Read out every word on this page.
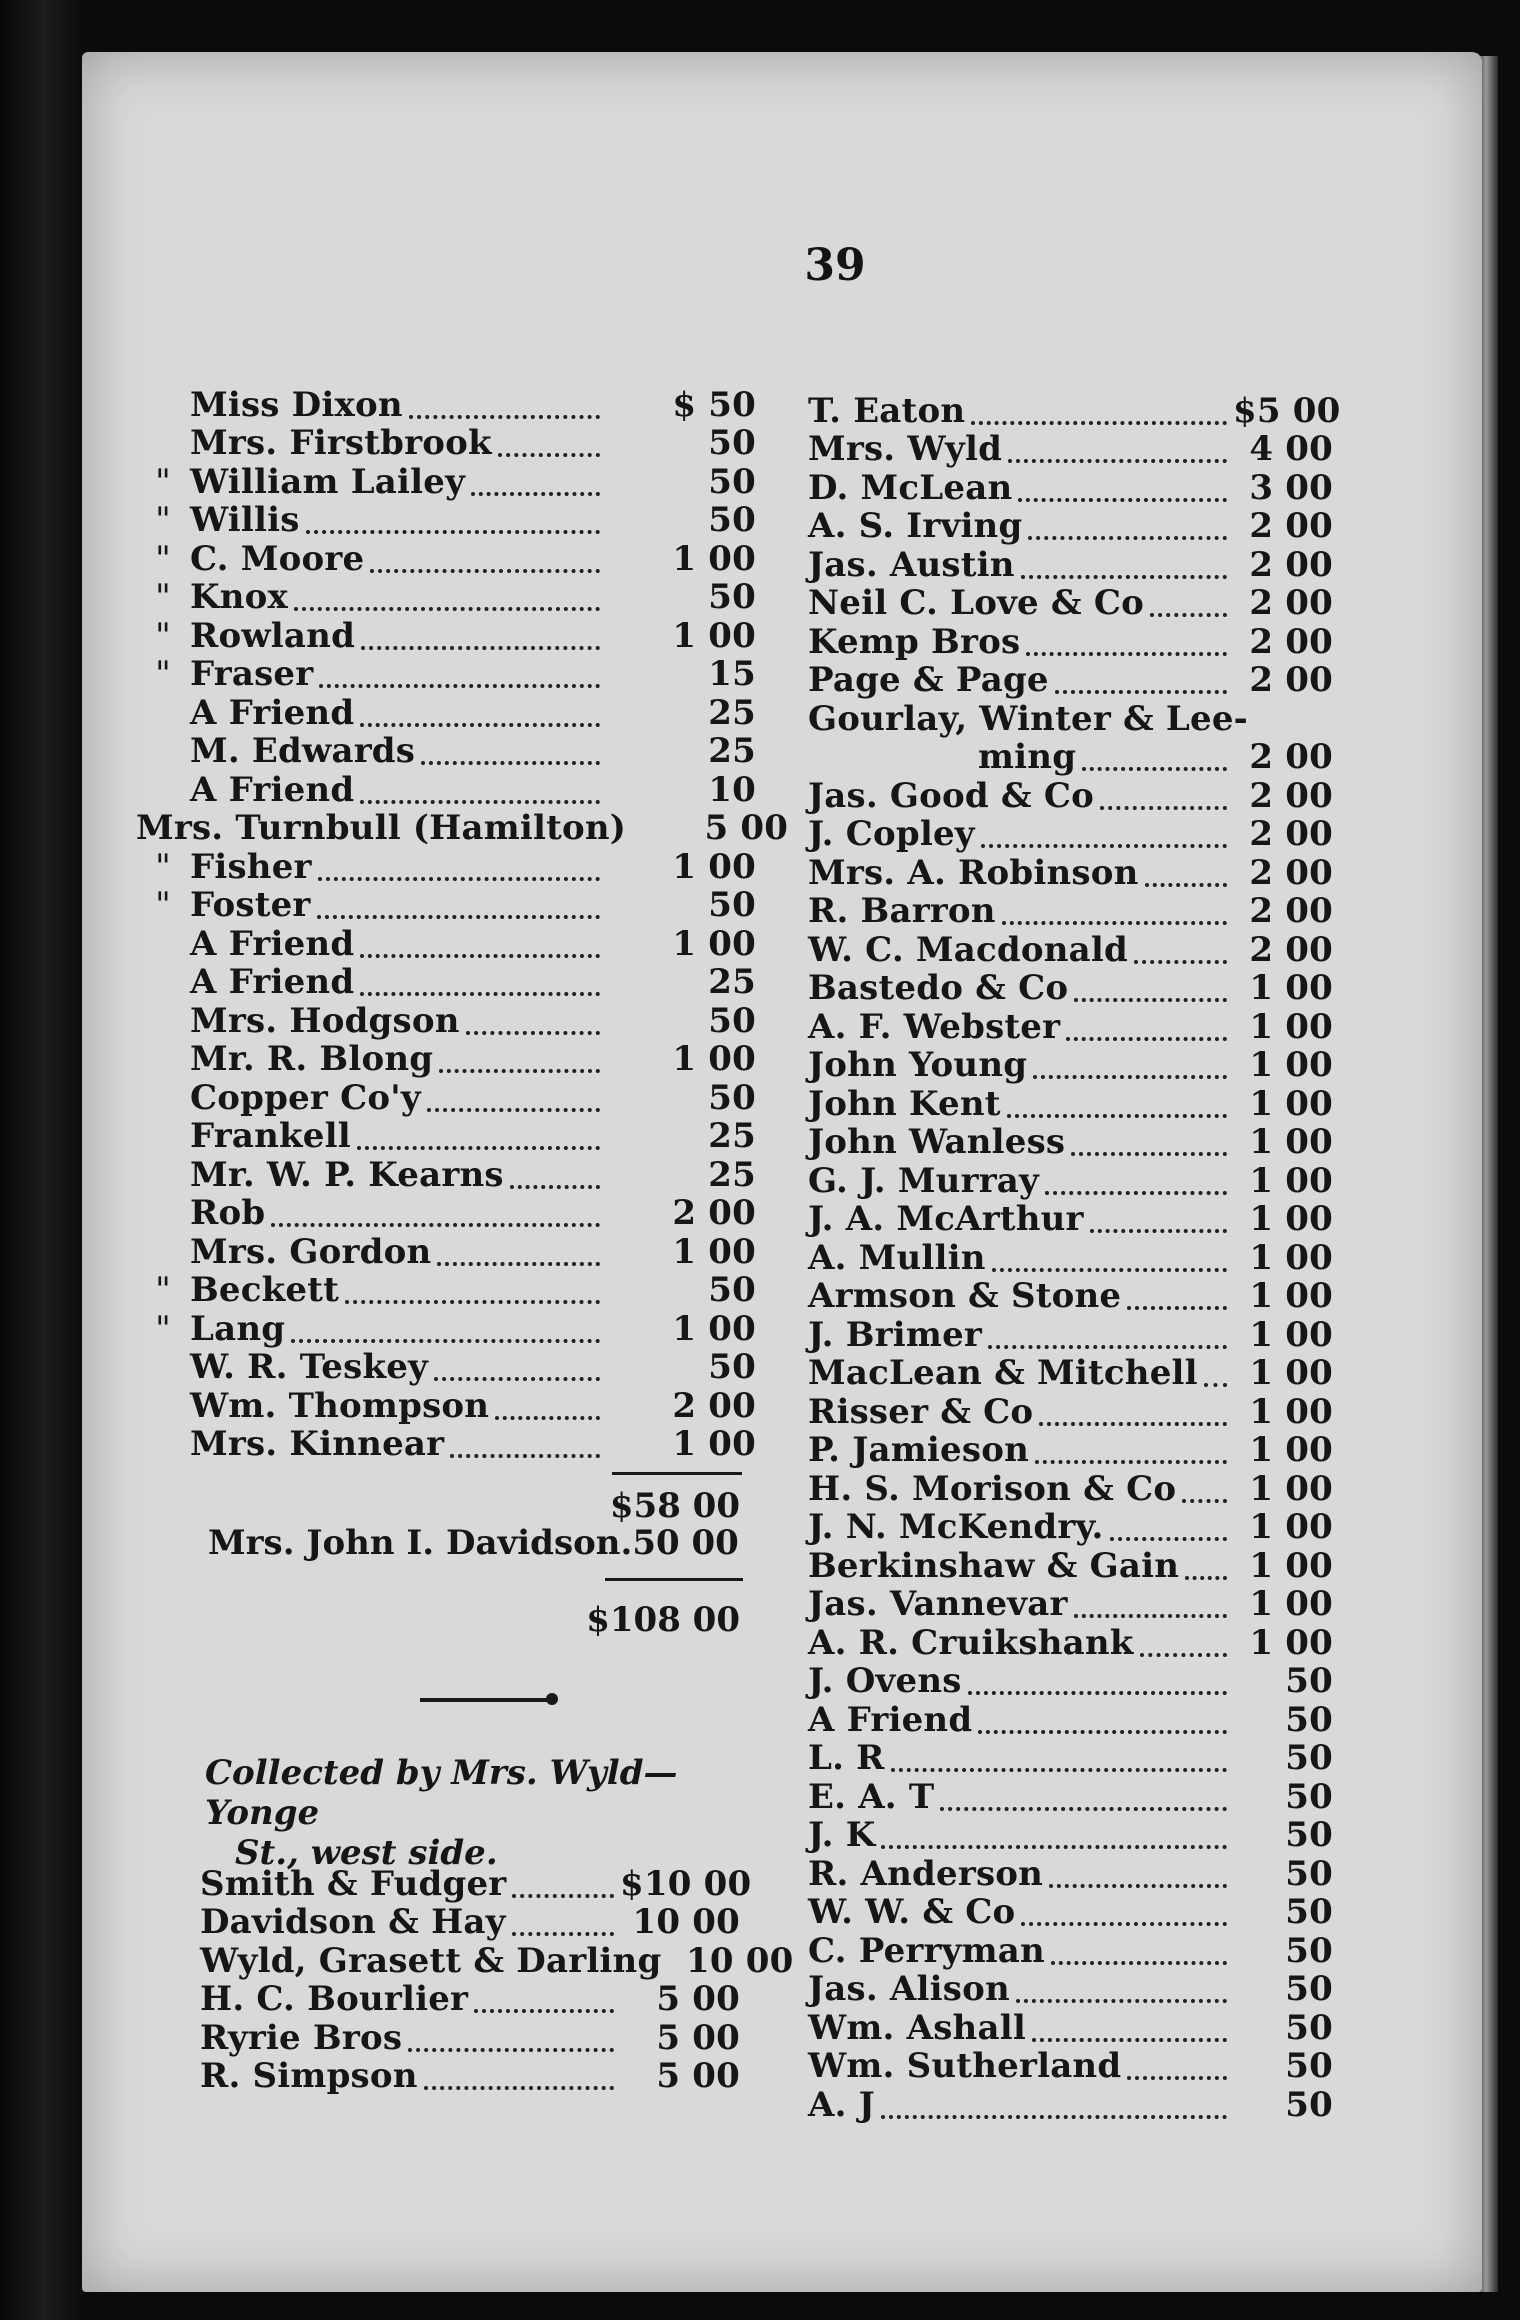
39
Miss Dixon	$ 50
Mrs. Firstbrook	50
" William Lailey	50
" Willis	50
" C. Moore	1 00
" Knox	50
" Rowland	1 00
" Fraser	15
A Friend	25
M. Edwards	25
A Friend	10
Mrs. Turnbull (Hamilton)	5 00
" Fisher	1 00
" Foster	50
A Friend	1 00
A Friend	25
Mrs. Hodgson	50
Mr. R. Blong	1 00
Copper Co'y	50
Frankell	25
Mr. W. P. Kearns	25
Rob	2 00
Mrs. Gordon	1 00
" Beckett	50
" Lang	1 00
W. R. Teskey	50
Wm. Thompson	2 00
Mrs. Kinnear	1 00
$58 00
Mrs. John I. Davidson. 50 00
$108 00
Collected by Mrs. Wyld—Yonge
St., west side.
Smith & Fudger	$10 00
Davidson & Hay	10 00
Wyld, Grasett & Darling 10 00
H. C. Bourlier	5 00
Ryrie Bros	5 00
R. Simpson	5 00
T. Eaton	$5 00
Mrs. Wyld	4 00
D. McLean	3 00
A. S. Irving	2 00
Jas. Austin	2 00
Neil C. Love & Co	2 00
Kemp Bros	2 00
Page & Page	2 00
Gourlay, Winter & Lee-
ming	2 00
Jas. Good & Co	2 00
J. Copley	2 00
Mrs. A. Robinson	2 00
R. Barron	2 00
W. C. Macdonald	2 00
Bastedo & Co	1 00
A. F. Webster	1 00
John Young	1 00
John Kent	1 00
John Wanless	1 00
G. J. Murray	1 00
J. A. McArthur	1 00
A. Mullin	1 00
Armson & Stone	1 00
J. Brimer	1 00
MacLean & Mitchell	1 00
Risser & Co	1 00
P. Jamieson	1 00
H. S. Morison & Co	1 00
J. N. McKendry.	1 00
Berkinshaw & Gain	1 00
Jas. Vannevar	1 00
A. R. Cruikshank	1 00
J. Ovens	50
A Friend	50
L. R	50
E. A. T	50
J. K	50
R. Anderson	50
W. W. & Co	50
C. Perryman	50
Jas. Alison	50
Wm. Ashall	50
Wm. Sutherland	50
A. J	50
